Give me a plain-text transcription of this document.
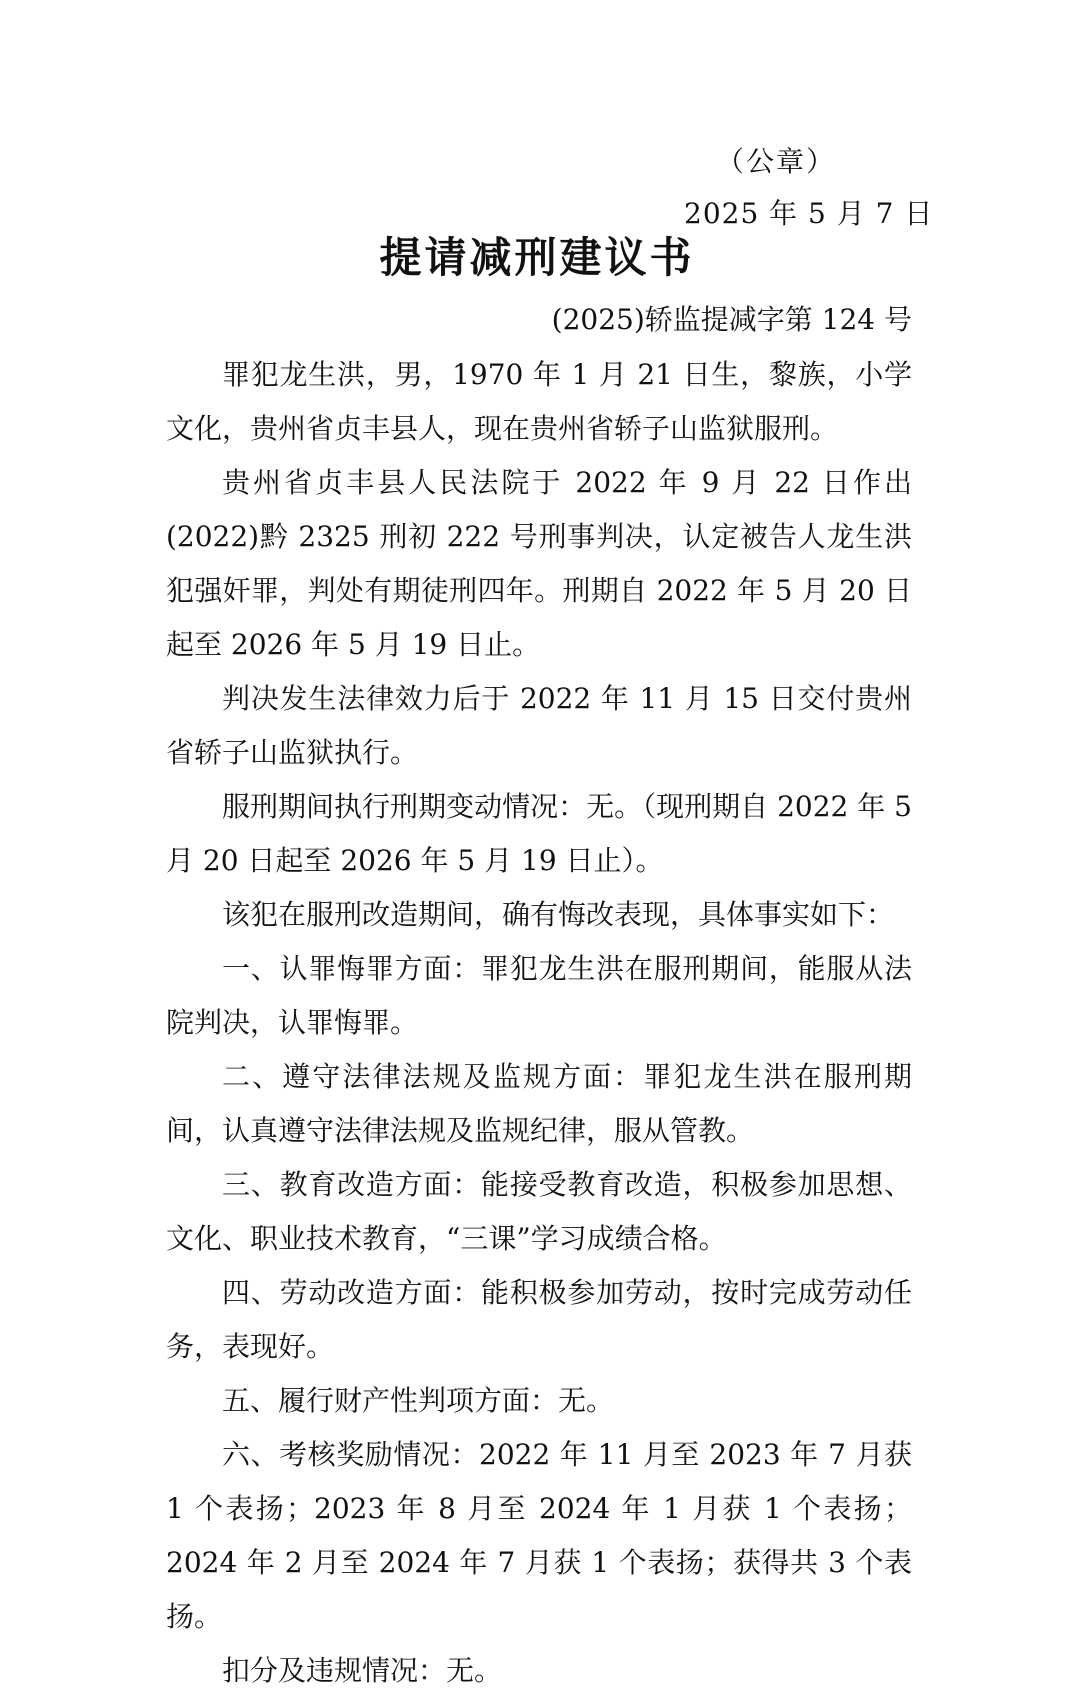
（公章）
2025 年 5 月 7 日
提请减刑建议书
(2025)轿监提减字第 124 号

罪犯龙生洪，男，1970 年 1 月 21 日生，黎族，小学文化，贵州省贞丰县人，现在贵州省轿子山监狱服刑。

贵州省贞丰县人民法院于 2022 年 9 月 22 日作出(2022)黔 2325 刑初 222 号刑事判决，认定被告人龙生洪犯强奸罪，判处有期徒刑四年。刑期自 2022 年 5 月 20 日起至 2026 年 5 月 19 日止。

判决发生法律效力后于 2022 年 11 月 15 日交付贵州省轿子山监狱执行。

服刑期间执行刑期变动情况：无。（现刑期自 2022 年 5 月 20 日起至 2026 年 5 月 19 日止）。

该犯在服刑改造期间，确有悔改表现，具体事实如下：

一、认罪悔罪方面：罪犯龙生洪在服刑期间，能服从法院判决，认罪悔罪。

二、遵守法律法规及监规方面：罪犯龙生洪在服刑期间，认真遵守法律法规及监规纪律，服从管教。

三、教育改造方面：能接受教育改造，积极参加思想、文化、职业技术教育，“三课”学习成绩合格。

四、劳动改造方面：能积极参加劳动，按时完成劳动任务，表现好。

五、履行财产性判项方面：无。

六、考核奖励情况：2022 年 11 月至 2023 年 7 月获 1 个表扬；2023 年 8 月至 2024 年 1 月获 1 个表扬；2024 年 2 月至 2024 年 7 月获 1 个表扬；获得共 3 个表扬。

扣分及违规情况：无。
